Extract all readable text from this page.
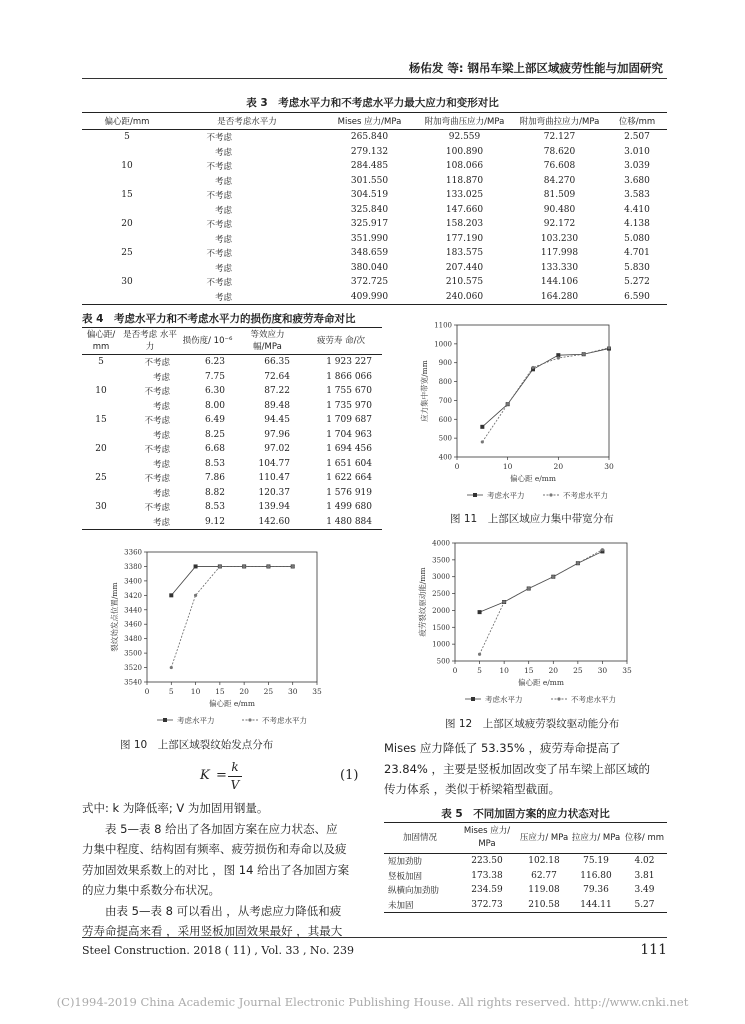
杨佑发 等: 钢吊车梁上部区域疲劳性能与加固研究
表 3　考虑水平力和不考虑水平力最大应力和变形对比
偏心距/mm	是否考虑水平力	Mises 应力/MPa	附加弯曲压应力/MPa	附加弯曲拉应力/MPa	位移/mm
5	不考虑	265.840	92.559	72.127	2.507
	考虑	279.132	100.890	78.620	3.010
10	不考虑	284.485	108.066	76.608	3.039
	考虑	301.550	118.870	84.270	3.680
15	不考虑	304.519	133.025	81.509	3.583
	考虑	325.840	147.660	90.480	4.410
20	不考虑	325.917	158.203	92.172	4.138
	考虑	351.990	177.190	103.230	5.080
25	不考虑	348.659	183.575	117.998	4.701
	考虑	380.040	207.440	133.330	5.830
30	不考虑	372.725	210.575	144.106	5.272
	考虑	409.990	240.060	164.280	6.590
表 4　考虑水平力和不考虑水平力的损伤度和疲劳寿命对比
偏心距/ mm	是否考虑 水平力	损伤度/ 10⁻⁶	等效应力 幅/MPa	疲劳寿 命/次
5	不考虑	6.23	66.35	1 923 227
	考虑	7.75	72.64	1 866 066
10	不考虑	6.30	87.22	1 755 670
	考虑	8.00	89.48	1 735 970
15	不考虑	6.49	94.45	1 709 687
	考虑	8.25	97.96	1 704 963
20	不考虑	6.68	97.02	1 694 456
	考虑	8.53	104.77	1 651 604
25	不考虑	7.86	110.47	1 622 664
	考虑	8.82	120.37	1 576 919
30	不考虑	8.53	139.94	1 499 680
	考虑	9.12	142.60	1 480 884
0	10	20	30
400
500
600
700
800
900
1000
1100
偏心距 e/mm
应力集中带宽/mm
考虑水平力	不考虑水平力
图 11　上部区域应力集中带宽分布
0	5 10 15 20 25 30 35
3360
3380
3400
3420
3440
3460
3480
3500
3520
3540
偏心距 e/mm
裂纹始发点位置/mm
考虑水平力	不考虑水平力
图 10　上部区域裂纹始发点分布
0	5 10 15 20 25 30 35
500
1000
1500
2000
2500
3000
3500
4000
偏心距 e/mm
疲劳裂纹驱动能/mm
考虑水平力	不考虑水平力
图 12　上部区域疲劳裂纹驱动能分布
Mises 应力降低了 53.35% ，疲劳寿命提高了
23.84% ，主要是竖板加固改变了吊车梁上部区域的
传力体系 ，类似于桥梁箱型截面。
表 5　不同加固方案的应力状态对比
加固情况	Mises 应力/ MPa	压应力/ MPa	拉应力/ MPa	位移/ mm
短加劲肋	223.50	102.18	75.19	4.02
竖板加固	173.38	62.77	116.80	3.81
纵横向加劲肋	234.59	119.08	79.36	3.49
未加固	372.73	210.58	144.11	5.27
K =
k
V
(1)
式中: k 为降低率; V 为加固用钢量。
表 5—表 8 给出了各加固方案在应力状态、应
力集中程度、结构固有频率、疲劳损伤和寿命以及疲
劳加固效果系数上的对比 ，图 14 给出了各加固方案
的应力集中系数分布状况。
由表 5—表 8 可以看出 ，从考虑应力降低和疲
劳寿命提高来看 ，采用竖板加固效果最好 ，其最大
Steel Construction. 2018 ( 11) , Vol. 33 , No. 239	111
(C)1994-2019 China Academic Journal Electronic Publishing House. All rights reserved. http://www.cnki.net
